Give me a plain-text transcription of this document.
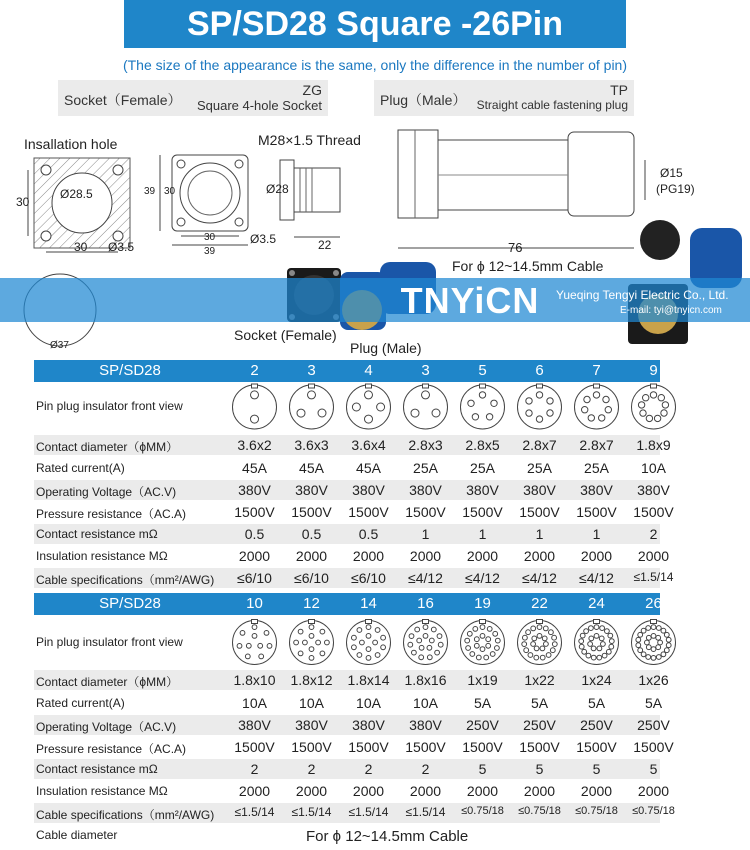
SP/SD28 Square -26Pin
(The size of the appearance is the same, only the difference in the number of pin)
Socket（Female）
ZG
Square 4-hole Socket	Plug（Male）
TP
Straight cable fastening plug
Insallation hole
30
30
Ø28.5
Ø3.5
39 30
30
39
Ø3.5
M28×1.5 Thread
Ø28
22
Ø15
(PG19)
76
For ϕ 12~14.5mm Cable
Ø37
Socket (Female)
Plug (Male)
TNYiCN	Yueqing Tengyi Electric Co., Ltd.
E-mail: tyi@tnyicn.com
SP/SD28	2	3	4	3	5	6	7	9
Pin plug insulator front view
Contact diameter（ϕMM）	3.6x2	3.6x3	3.6x4	2.8x3	2.8x5	2.8x7	2.8x7	1.8x9
Rated current(A)	45A	45A	45A	25A	25A	25A	25A	10A
Operating Voltage（AC.V)	380V	380V	380V	380V	380V	380V	380V	380V
Pressure resistance（AC.A)	1500V	1500V	1500V	1500V	1500V	1500V	1500V	1500V
Contact resistance mΩ	0.5	0.5	0.5	1	1	1	1	2
Insulation resistance MΩ	2000	2000	2000	2000	2000	2000	2000	2000
Cable specifications（mm²/AWG)	≤6/10	≤6/10	≤6/10	≤4/12	≤4/12	≤4/12	≤4/12	≤1.5/14
SP/SD28	10	12	14	16	19	22	24	26
Pin plug insulator front view
Contact diameter（ϕMM）	1.8x10	1.8x12	1.8x14	1.8x16	1x19	1x22	1x24	1x26
Rated current(A)	10A	10A	10A	10A	5A	5A	5A	5A
Operating Voltage（AC.V)	380V	380V	380V	380V	250V	250V	250V	250V
Pressure resistance（AC.A)	1500V	1500V	1500V	1500V	1500V	1500V	1500V	1500V
Contact resistance mΩ	2	2	2	2	5	5	5	5
Insulation resistance MΩ	2000	2000	2000	2000	2000	2000	2000	2000
Cable specifications（mm²/AWG)	≤1.5/14	≤1.5/14	≤1.5/14	≤1.5/14	≤0.75/18	≤0.75/18	≤0.75/18	≤0.75/18
Cable diameter	For ϕ 12~14.5mm Cable
